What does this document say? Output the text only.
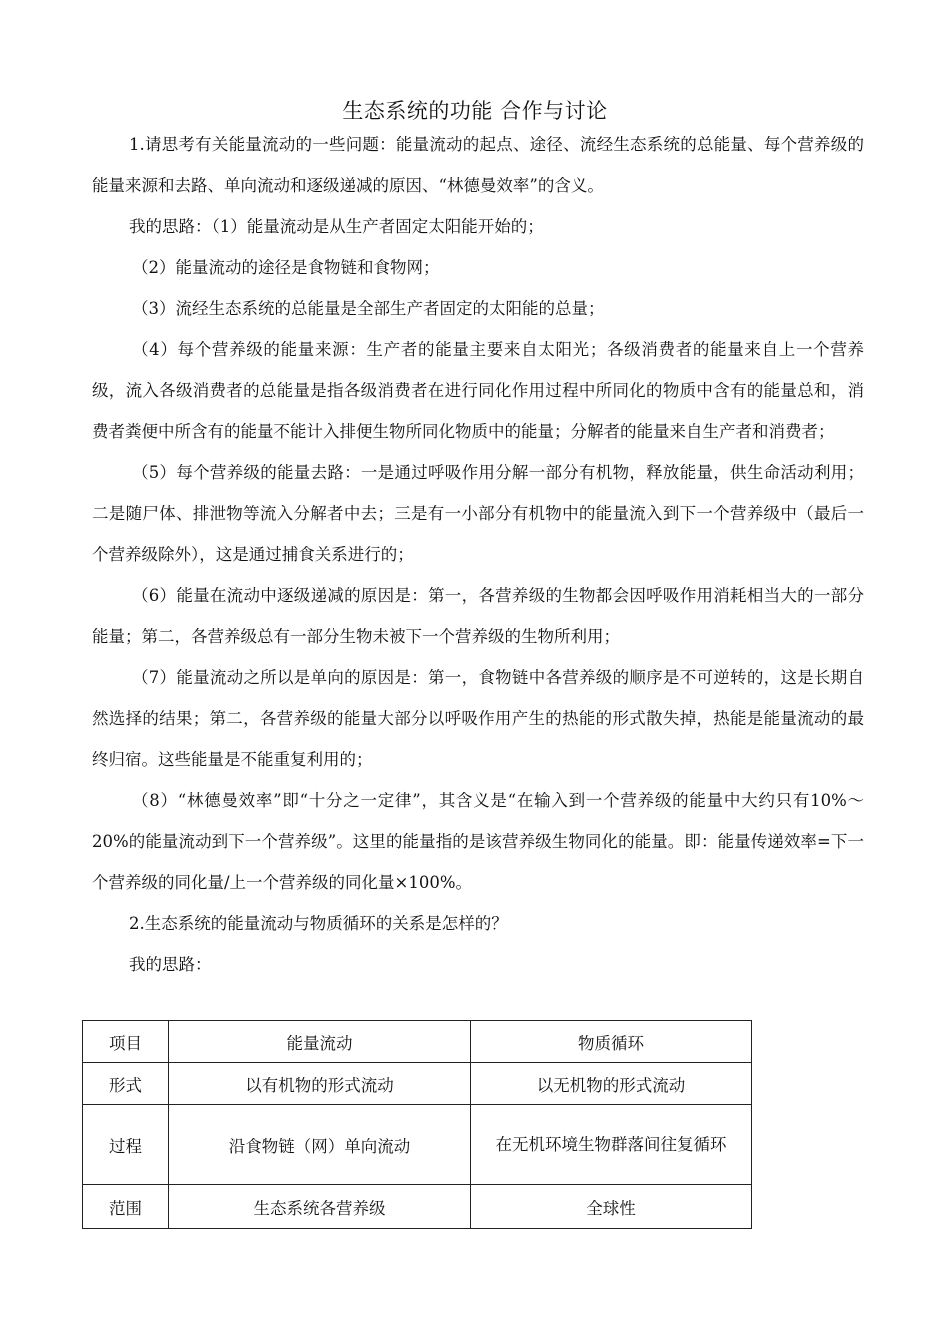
生态系统的功能 合作与讨论

1.请思考有关能量流动的一些问题：能量流动的起点、途径、流经生态系统的总能量、每个营养级的能量来源和去路、单向流动和逐级递减的原因、“林德曼效率”的含义。

我的思路：（1）能量流动是从生产者固定太阳能开始的；

（2）能量流动的途径是食物链和食物网；

（3）流经生态系统的总能量是全部生产者固定的太阳能的总量；

（4）每个营养级的能量来源：生产者的能量主要来自太阳光；各级消费者的能量来自上一个营养级，流入各级消费者的总能量是指各级消费者在进行同化作用过程中所同化的物质中含有的能量总和，消费者粪便中所含有的能量不能计入排便生物所同化物质中的能量；分解者的能量来自生产者和消费者；

（5）每个营养级的能量去路：一是通过呼吸作用分解一部分有机物，释放能量，供生命活动利用；二是随尸体、排泄物等流入分解者中去；三是有一小部分有机物中的能量流入到下一个营养级中（最后一个营养级除外），这是通过捕食关系进行的；

（6）能量在流动中逐级递减的原因是：第一，各营养级的生物都会因呼吸作用消耗相当大的一部分能量；第二，各营养级总有一部分生物未被下一个营养级的生物所利用；

（7）能量流动之所以是单向的原因是：第一，食物链中各营养级的顺序是不可逆转的，这是长期自然选择的结果；第二，各营养级的能量大部分以呼吸作用产生的热能的形式散失掉，热能是能量流动的最终归宿。这些能量是不能重复利用的；

（8）“林德曼效率”即“十分之一定律”，其含义是“在输入到一个营养级的能量中大约只有10%～20%的能量流动到下一个营养级”。这里的能量指的是该营养级生物同化的能量。即：能量传递效率=下一个营养级的同化量/上一个营养级的同化量×100%。

2.生态系统的能量流动与物质循环的关系是怎样的？

我的思路：

项目	能量流动	物质循环
形式	以有机物的形式流动	以无机物的形式流动
过程	沿食物链（网）单向流动	在无机环境生物群落间往复循环
范围	生态系统各营养级	全球性
